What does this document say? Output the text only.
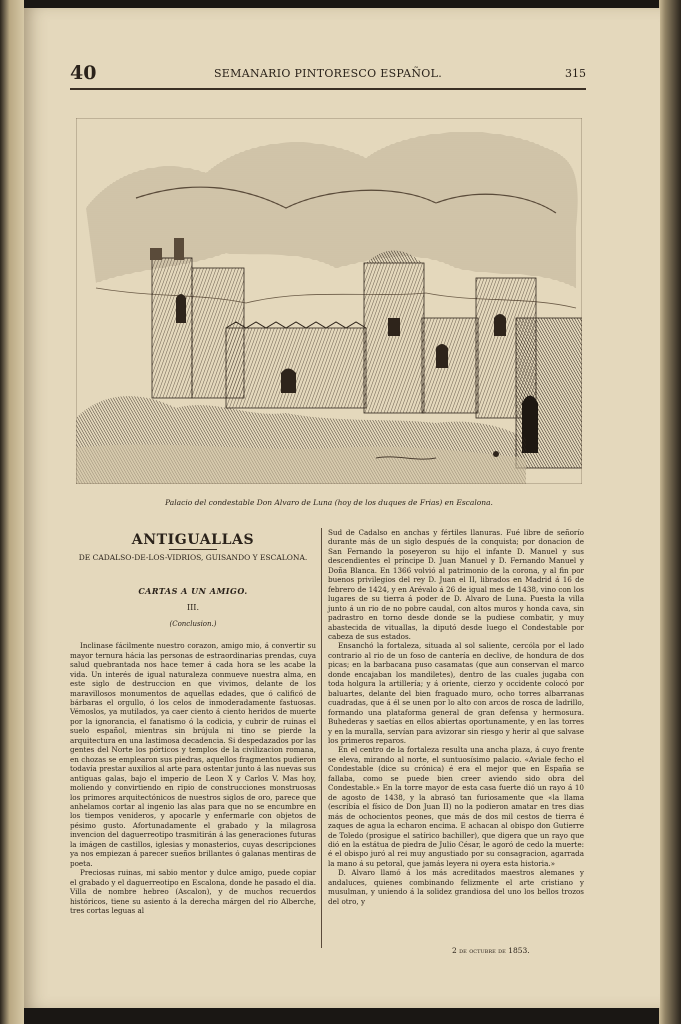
40	SEMANARIO PINTORESCO ESPAÑOL.	315
Palacio del condestable Don Alvaro de Luna (hoy de los duques de Frias) en Escalona.
ANTIGUALLAS
DE CADALSO-DE-LOS-VIDRIOS, GUISANDO Y ESCALONA.
CARTAS A UN AMIGO.
III.
(Conclusion.)

Inclinase fácilmente nuestro corazon, amigo mio, á convertir su mayor ternura hácia las personas de estraordinarias prendas, cuya salud quebrantada nos hace temer á cada hora se les acabe la vida. Un interés de igual naturaleza conmueve nuestra alma, en este siglo de destruccion en que vivimos, delante de los maravillosos monumentos de aquellas edades, que ó calificó de bárbaras el orgullo, ó los celos de inmoderadamente fastuosas. Vémoslos, ya mutilados, ya caer ciento á ciento heridos de muerte por la ignorancia, el fanatismo ó la codicia, y cubrir de ruinas el suelo español, mientras sin brújula ni tino se pierde la arquitectura en una lastimosa decadencia. Si despedazados por las gentes del Norte los pórticos y templos de la civilizacion romana, en chozas se emplearon sus piedras, aquellos fragmentos pudieron todavía prestar auxilios al arte para ostentar junto á las nuevas sus antiguas galas, bajo el imperio de Leon X y Carlos V. Mas hoy, moliendo y convirtiendo en ripio de construcciones monstruosas los primores arquitectónicos de nuestros siglos de oro, parece que anhelamos cortar al ingenio las alas para que no se encumbre en los tiempos venideros, y apocarle y enfermarle con objetos de pésimo gusto. Afortunadamente el grabado y la milagrosa invencion del daguerreotipo trasmitirán á las generaciones futuras la imágen de castillos, iglesias y monasterios, cuyas descripciones ya nos empiezan á parecer sueños brillantes ó galanas mentiras de poeta.

Preciosas ruinas, mi sabio mentor y dulce amigo, puede copiar el grabado y el daguerreotipo en Escalona, donde he pasado el dia. Villa de nombre hebreo (Ascalon), y de muchos recuerdos históricos, tiene su asiento á la derecha márgen del rio Alberche, tres cortas leguas al

Sud de Cadalso en anchas y fértiles llanuras. Fué libre de señorío durante más de un siglo después de la conquista; por donacion de San Fernando la poseyeron su hijo el infante D. Manuel y sus descendientes el príncipe D. Juan Manuel y D. Fernando Manuel y Doña Blanca. En 1366 volvió al patrimonio de la corona, y al fin por buenos privilegios del rey D. Juan el II, librados en Madrid á 16 de febrero de 1424, y en Arévalo á 26 de igual mes de 1438, vino con los lugares de su tierra á poder de D. Alvaro de Luna. Puesta la villa junto á un rio de no pobre caudal, con altos muros y honda cava, sin padrastro en torno desde donde se la pudiese combatir, y muy abastecida de vituallas, la diputó desde luego el Condestable por cabeza de sus estados.

Ensanchó la fortaleza, situada al sol saliente, cercóla por el lado contrario al rio de un foso de cantería en declive, de hondura de dos picas; en la barbacana puso casamatas (que aun conservan el marco donde encajaban los mandiletes), dentro de las cuales jugaba con toda holgura la artillería; y á oriente, cierzo y occidente colocó por baluartes, delante del bien fraguado muro, ocho torres albarranas cuadradas, que á él se unen por lo alto con arcos de rosca de ladrillo, formando una plataforma general de gran defensa y hermosura. Buhederas y saetías en ellos abiertas oportunamente, y en las torres y en la muralla, servían para avizorar sin riesgo y herir al que salvase los primeros reparos.

En el centro de la fortaleza resulta una ancha plaza, á cuyo frente se eleva, mirando al norte, el suntuosísimo palacio. «Aviale fecho el Condestable (dice su crónica) é era el mejor que en España se fallaba, como se puede bien creer aviendo sido obra del Condestable.» En la torre mayor de esta casa fuerte dió un rayo á 10 de agosto de 1438, y la abrasó tan furiosamente que «la llama (escribía el físico de Don Juan II) no la podieron amatar en tres dias más de ochocientos peones, que más de dos mil cestos de tierra é zaques de agua la echaron encima. E achacan al obispo don Gutierre de Toledo (prosigue el satírico bachiller), que digera que un rayo que dió en la estátua de piedra de Julio César, le agoró de cedo la muerte: é el obispo juró al rei muy angustiado por su consagracion, agarrada la mano á su petoral, que jamás leyera ni oyera esta historia.»

D. Alvaro llamó á los más acreditados maestros alemanes y andaluces, quienes combinando felizmente el arte cristiano y musulman, y uniendo á la solidez grandiosa del uno los bellos trozos del otro, y

2 de octubre de 1853.
